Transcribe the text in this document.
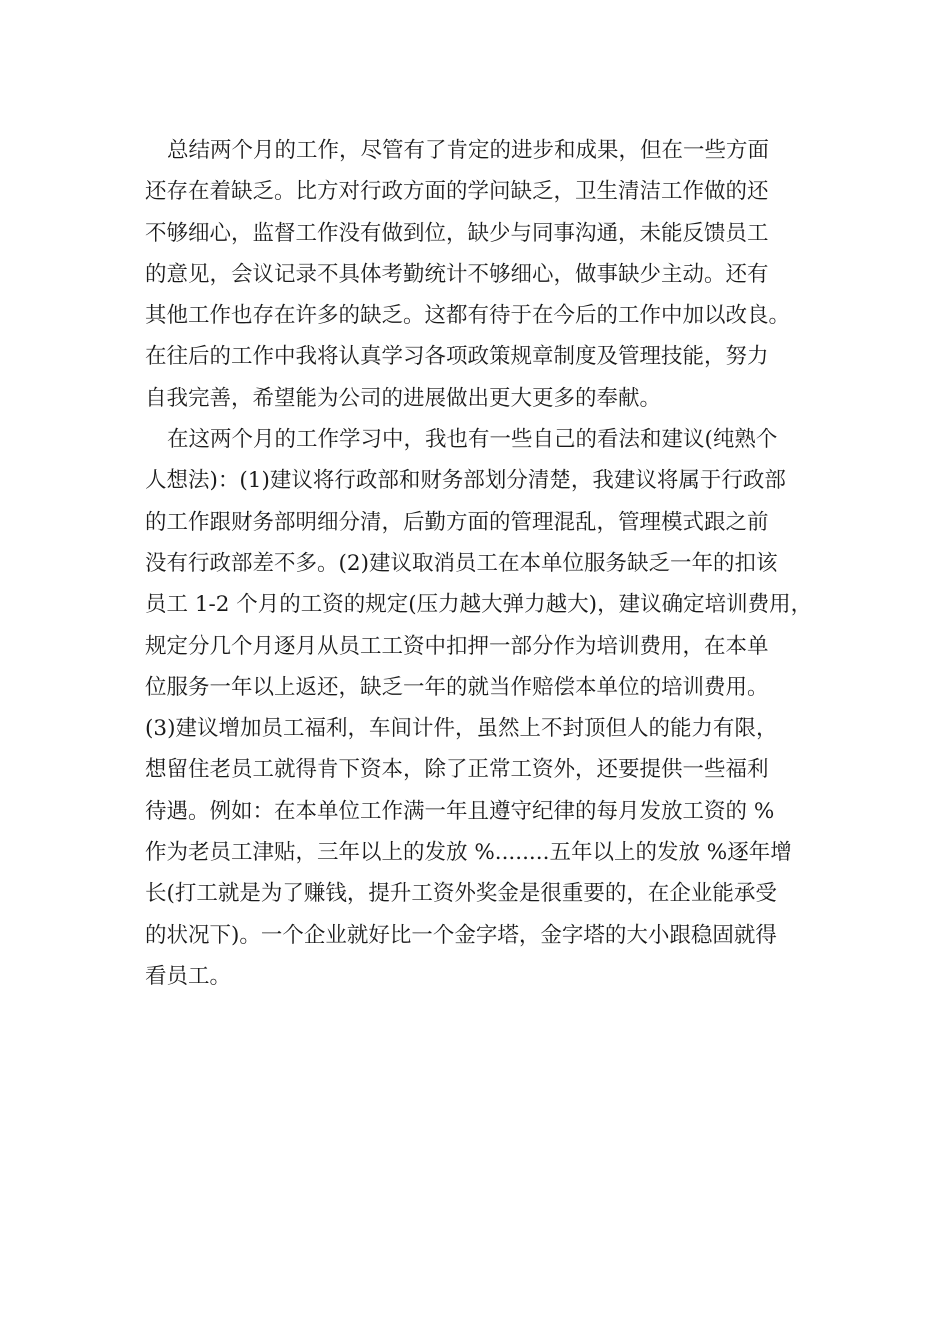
总结两个月的工作，尽管有了肯定的进步和成果，但在一些方面
还存在着缺乏。比方对行政方面的学问缺乏，卫生清洁工作做的还
不够细心，监督工作没有做到位，缺少与同事沟通，未能反馈员工
的意见，会议记录不具体考勤统计不够细心，做事缺少主动。还有
其他工作也存在许多的缺乏。这都有待于在今后的工作中加以改良。
在往后的工作中我将认真学习各项政策规章制度及管理技能，努力
自我完善，希望能为公司的进展做出更大更多的奉献。
在这两个月的工作学习中，我也有一些自己的看法和建议(纯熟个
人想法)：(1)建议将行政部和财务部划分清楚，我建议将属于行政部
的工作跟财务部明细分清，后勤方面的管理混乱，管理模式跟之前
没有行政部差不多。(2)建议取消员工在本单位服务缺乏一年的扣该
员工 1-2 个月的工资的规定(压力越大弹力越大)，建议确定培训费用，
规定分几个月逐月从员工工资中扣押一部分作为培训费用，在本单
位服务一年以上返还，缺乏一年的就当作赔偿本单位的培训费用。
(3)建议增加员工福利，车间计件，虽然上不封顶但人的能力有限，
想留住老员工就得肯下资本，除了正常工资外，还要提供一些福利
待遇。例如：在本单位工作满一年且遵守纪律的每月发放工资的 %
作为老员工津贴，三年以上的发放 %........五年以上的发放 %逐年增
长(打工就是为了赚钱，提升工资外奖金是很重要的，在企业能承受
的状况下)。一个企业就好比一个金字塔，金字塔的大小跟稳固就得
看员工。
